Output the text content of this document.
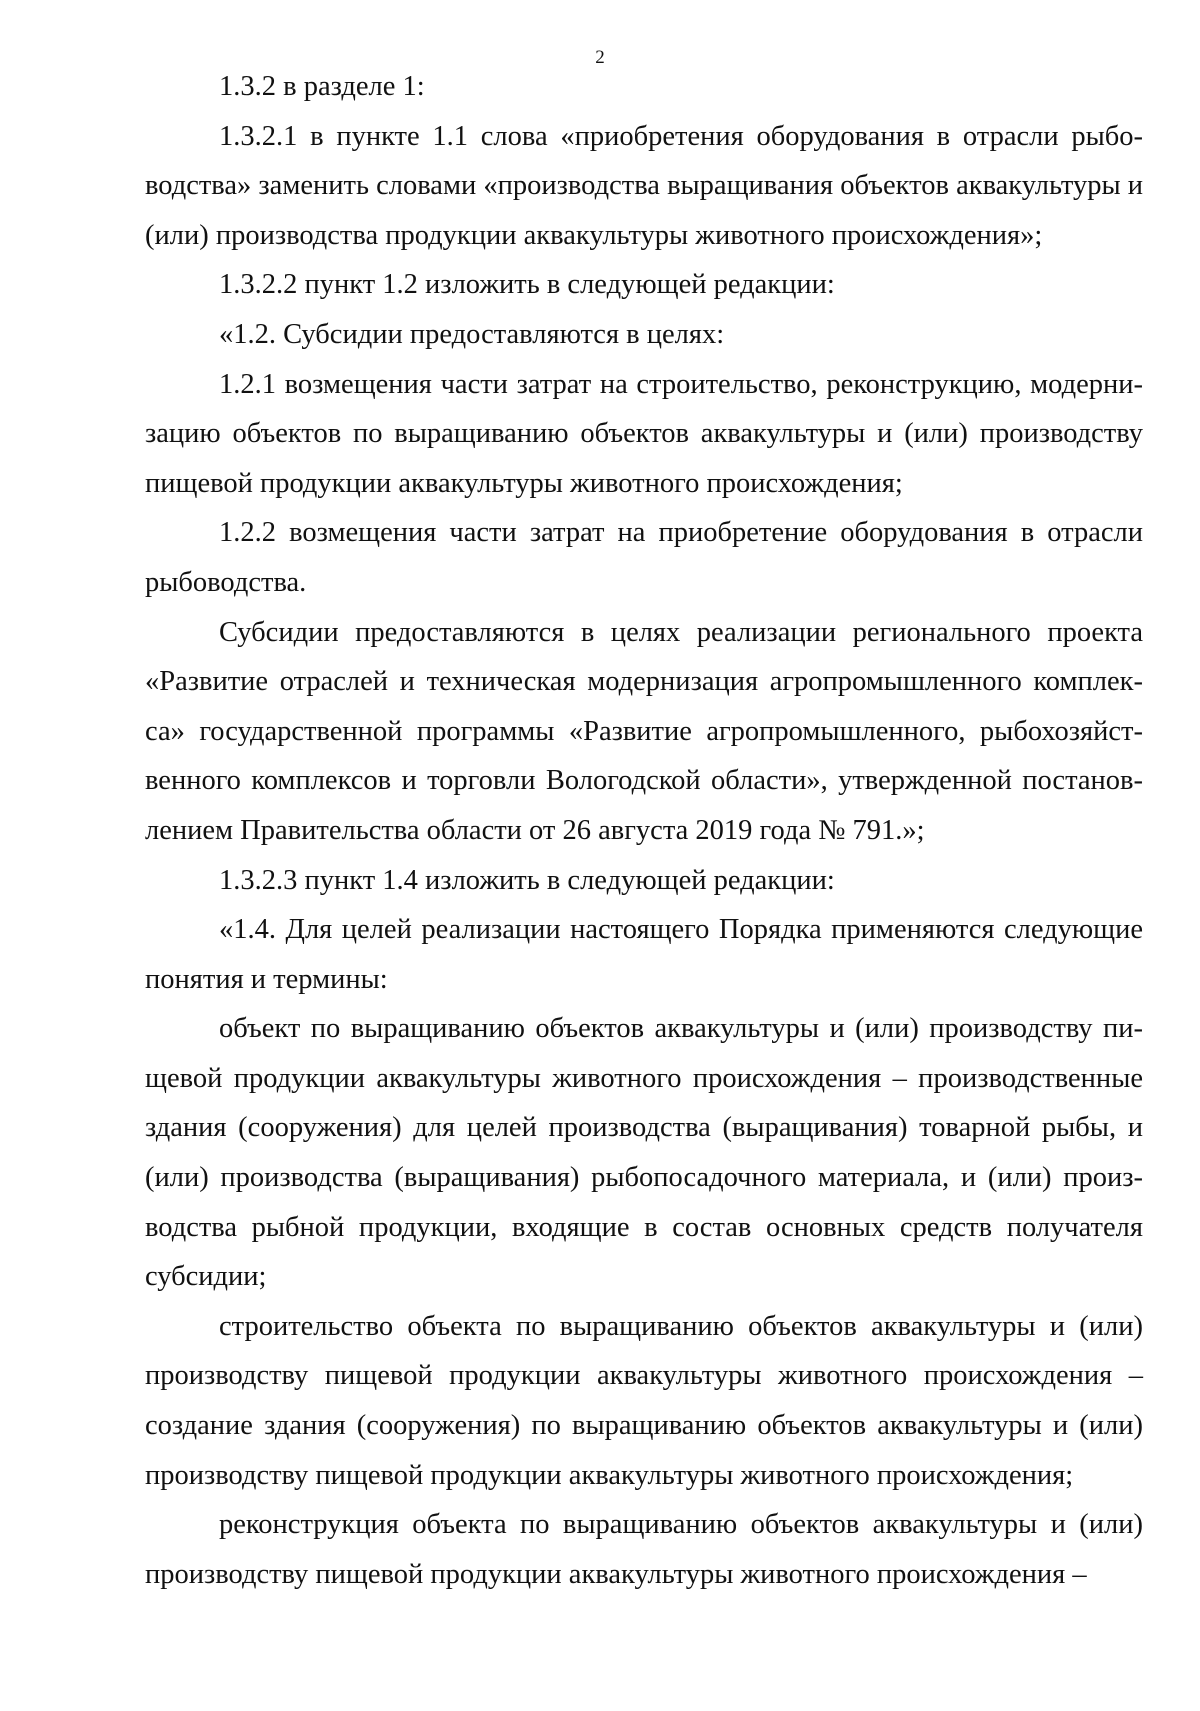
2

1.3.2 в разделе 1:

1.3.2.1 в пункте 1.1 слова «приобретения оборудования в отрасли рыбоводства» заменить словами «производства выращивания объектов аквакультуры и (или) производства продукции аквакультуры животного происхождения»;

1.3.2.2 пункт 1.2 изложить в следующей редакции:

«1.2. Субсидии предоставляются в целях:

1.2.1 возмещения части затрат на строительство, реконструкцию, модернизацию объектов по выращиванию объектов аквакультуры и (или) производству пищевой продукции аквакультуры животного происхождения;

1.2.2 возмещения части затрат на приобретение оборудования в отрасли рыбоводства.

Субсидии предоставляются в целях реализации регионального проекта «Развитие отраслей и техническая модернизация агропромышленного комплекса» государственной программы «Развитие агропромышленного, рыбохозяйственного комплексов и торговли Вологодской области», утвержденной постановлением Правительства области от 26 августа 2019 года № 791.»;

1.3.2.3 пункт 1.4 изложить в следующей редакции:

«1.4. Для целей реализации настоящего Порядка применяются следующие понятия и термины:

объект по выращиванию объектов аквакультуры и (или) производству пищевой продукции аквакультуры животного происхождения – производственные здания (сооружения) для целей производства (выращивания) товарной рыбы, и (или) производства (выращивания) рыбопосадочного материала, и (или) производства рыбной продукции, входящие в состав основных средств получателя субсидии;

строительство объекта по выращиванию объектов аквакультуры и (или) производству пищевой продукции аквакультуры животного происхождения – создание здания (сооружения) по выращиванию объектов аквакультуры и (или) производству пищевой продукции аквакультуры животного происхождения;

реконструкция объекта по выращиванию объектов аквакультуры и (или) производству пищевой продукции аквакультуры животного происхождения –
